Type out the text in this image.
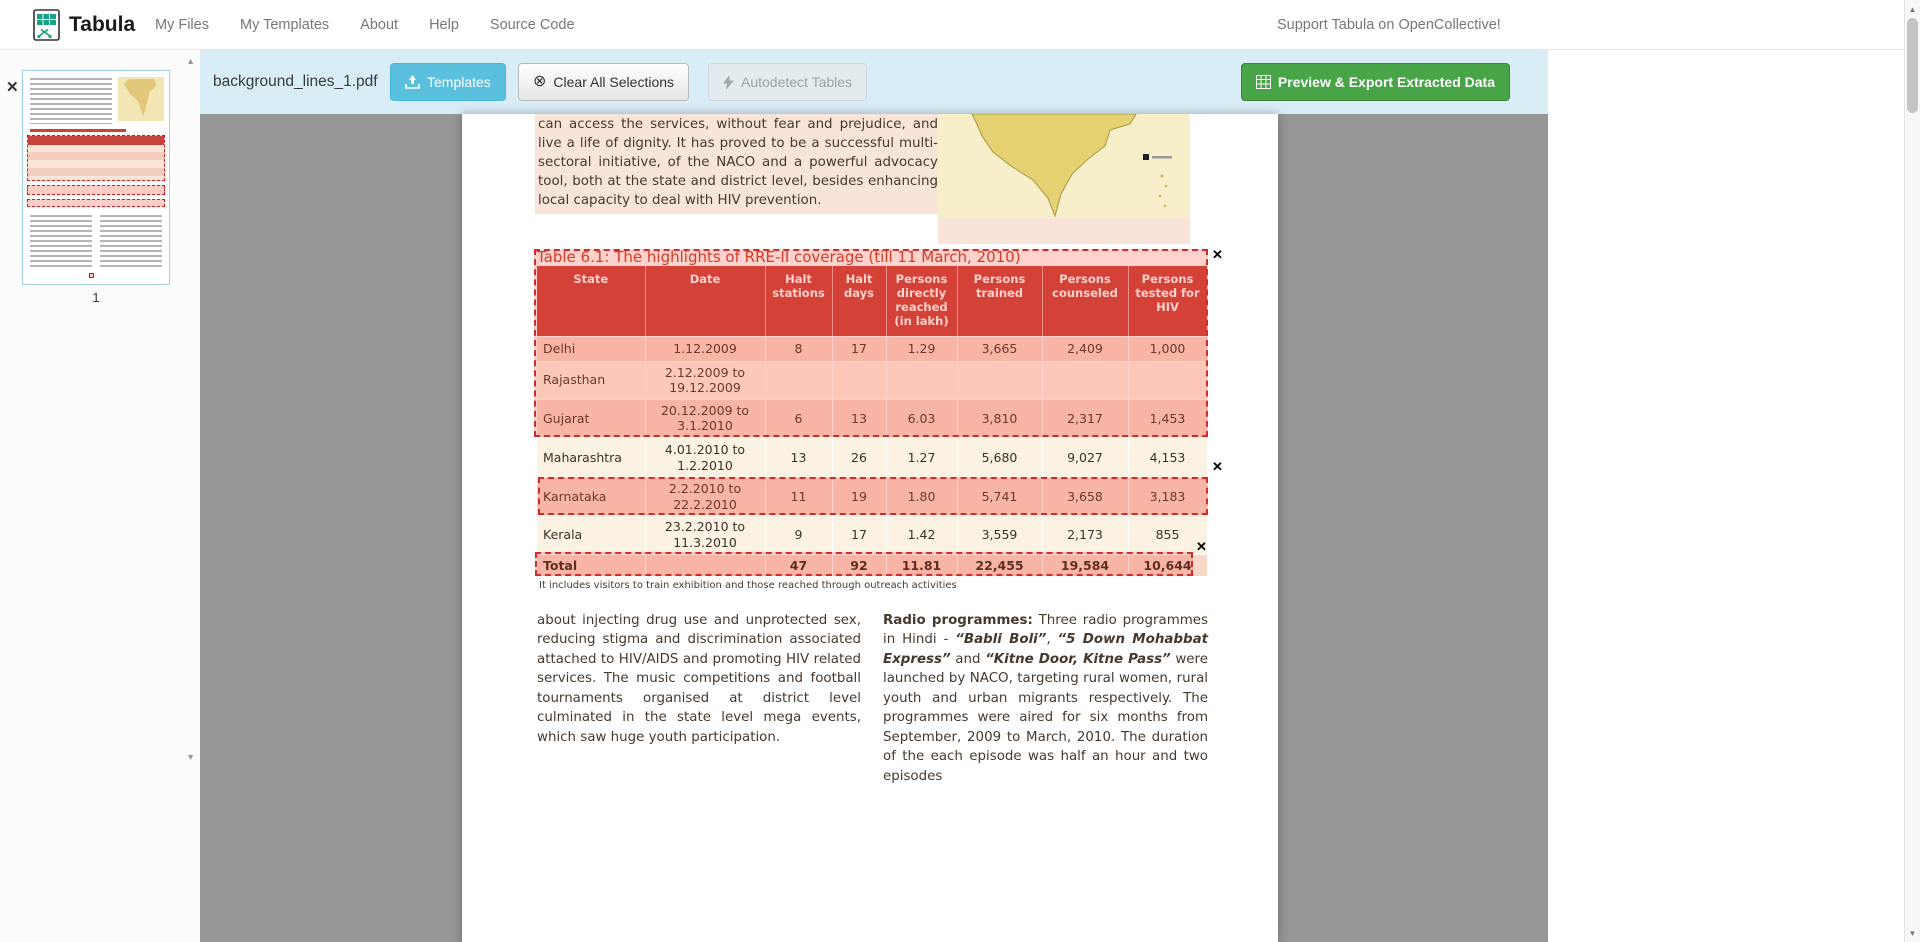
Tabula My Files My Templates About Help Source Code	Support Tabula on OpenCollective!
✕
▲
▼
1
background_lines_1.pdf	Templates	⊗ Clear All Selections	Autodetect Tables	Preview & Export Extracted Data

can access the services, without fear and prejudice, and live a life of dignity. It has proved to be a successful multi-sectoral initiative, of the NACO and a powerful advocacy tool, both at the state and district level, besides enhancing local capacity to deal with HIV prevention.

Table 6.1: The highlights of RRE-II coverage (till 11 March, 2010)
State	Date	Halt stations	Halt days	Persons directly reached (in lakh)	Persons trained	Persons counseled	Persons tested for HIV
Delhi	1.12.2009	8	17	1.29	3,665	2,409	1,000
Rajasthan	2.12.2009 to 19.12.2009						
Gujarat	20.12.2009 to 3.1.2010	6	13	6.03	3,810	2,317	1,453
Maharashtra	4.01.2010 to 1.2.2010	13	26	1.27	5,680	9,027	4,153
Karnataka	2.2.2010 to 22.2.2010	11	19	1.80	5,741	3,658	3,183
Kerala	23.2.2010 to 11.3.2010	9	17	1.42	3,559	2,173	855
Total		47	92	11.81	22,455	19,584	10,644
✕
✕
✕
It includes visitors to train exhibition and those reached through outreach activities

about injecting drug use and unprotected sex, reducing stigma and discrimination associated attached to HIV/AIDS and promoting HIV related services. The music competitions and football tournaments organised at district level culminated in the state level mega events, which saw huge youth participation.

Radio programmes: Three radio programmes in Hindi - “Babli Boli”, “5 Down Mohabbat Express” and “Kitne Door, Kitne Pass” were launched by NACO, targeting rural women, rural youth and urban migrants respectively. The programmes were aired for six months from September, 2009 to March, 2010. The duration of the each episode was half an hour and two episodes

▲
▼
